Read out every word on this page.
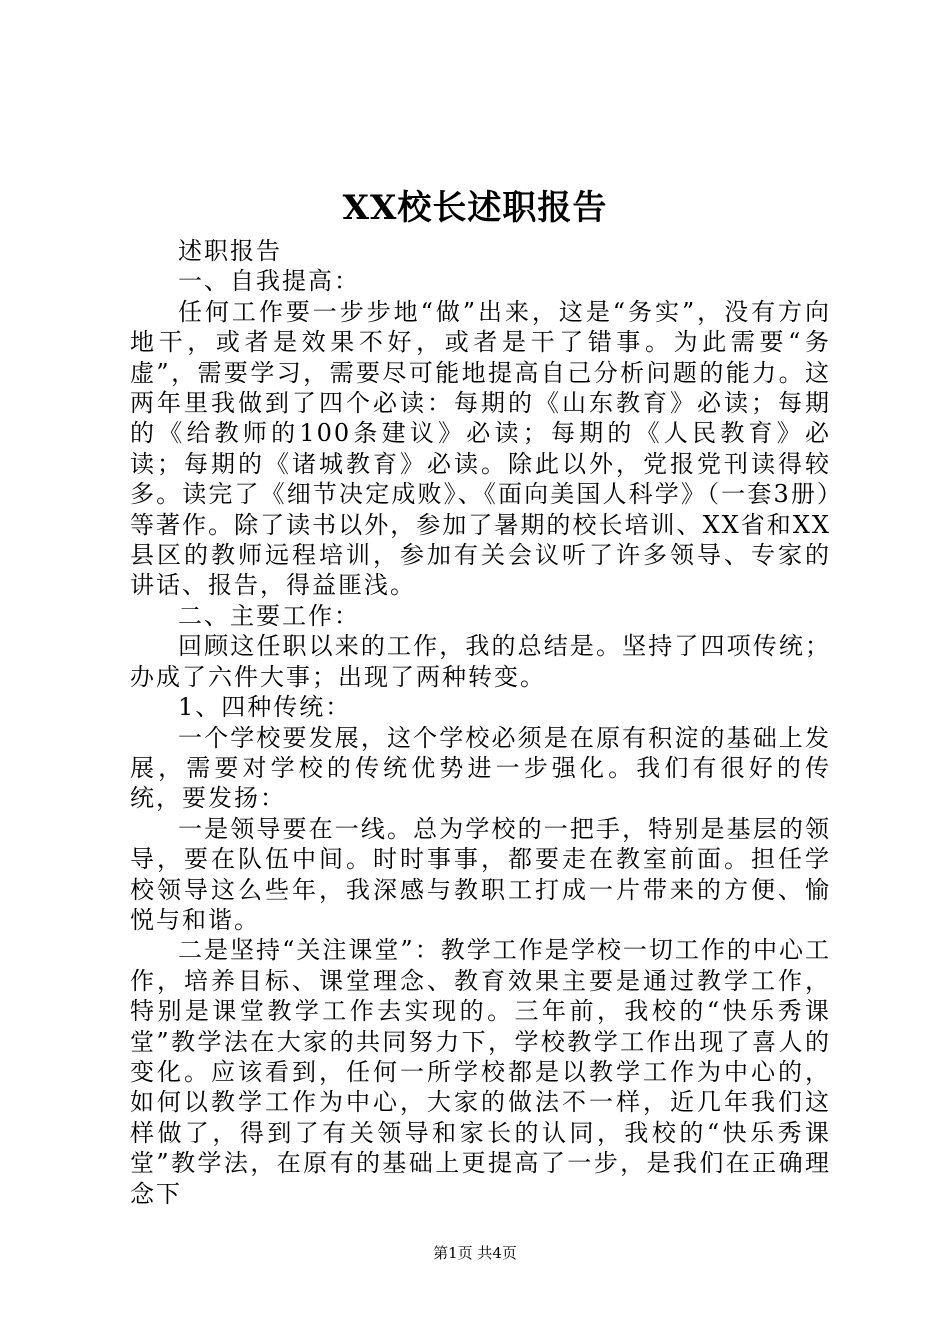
XX校长述职报告

述职报告

一、自我提高：

任何工作要一步步地“做”出来，这是“务实”，没有方向地干，或者是效果不好，或者是干了错事。为此需要“务虚”，需要学习，需要尽可能地提高自己分析问题的能力。这两年里我做到了四个必读：每期的《山东教育》必读；每期的《给教师的100条建议》必读；每期的《人民教育》必读；每期的《诸城教育》必读。除此以外，党报党刊读得较多。读完了《细节决定成败》、《面向美国人科学》（一套3册）等著作。除了读书以外，参加了暑期的校长培训、XX省和XX县区的教师远程培训，参加有关会议听了许多领导、专家的讲话、报告，得益匪浅。

二、主要工作：

回顾这任职以来的工作，我的总结是。坚持了四项传统；办成了六件大事；出现了两种转变。

1、四种传统：

一个学校要发展，这个学校必须是在原有积淀的基础上发展，需要对学校的传统优势进一步强化。我们有很好的传统，要发扬：

一是领导要在一线。总为学校的一把手，特别是基层的领导，要在队伍中间。时时事事，都要走在教室前面。担任学校领导这么些年，我深感与教职工打成一片带来的方便、愉悦与和谐。

二是坚持“关注课堂”：教学工作是学校一切工作的中心工作，培养目标、课堂理念、教育效果主要是通过教学工作，特别是课堂教学工作去实现的。三年前，我校的“快乐秀课堂”教学法在大家的共同努力下，学校教学工作出现了喜人的变化。应该看到，任何一所学校都是以教学工作为中心的，如何以教学工作为中心，大家的做法不一样，近几年我们这样做了，得到了有关领导和家长的认同，我校的“快乐秀课堂”教学法，在原有的基础上更提高了一步，是我们在正确理念下

第1页 共4页
